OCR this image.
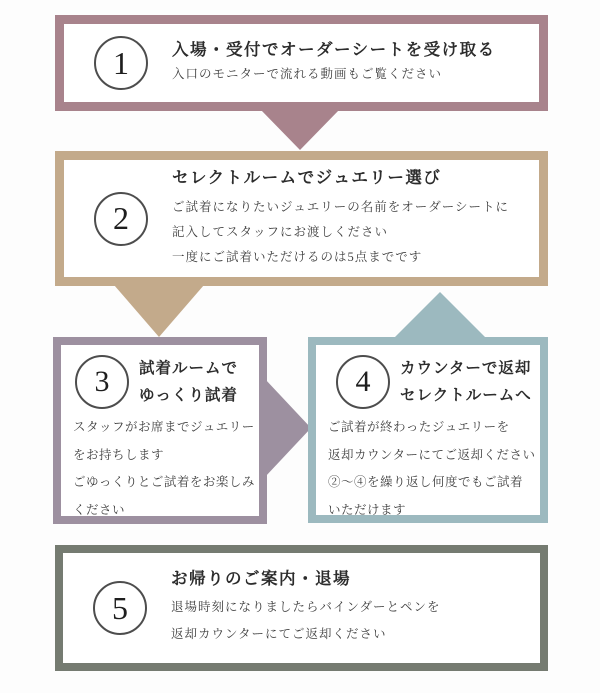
1	入場・受付でオーダーシートを受け取る
入口のモニターで流れる動画もご覧ください
2
セレクトルームでジュエリー選び
ご試着になりたいジュエリーの名前をオーダーシートに
記入してスタッフにお渡しください
一度にご試着いただけるのは5点までです
3 試着ルームで
ゆっくり試着
スタッフがお席までジュエリー
をお持ちします
ごゆっくりとご試着をお楽しみ
ください
4 カウンターで返却
セレクトルームへ
ご試着が終わったジュエリーを
返却カウンターにてご返却ください
②～④を繰り返し何度でもご試着
いただけます
5
お帰りのご案内・退場
退場時刻になりましたらバインダーとペンを
返却カウンターにてご返却ください
